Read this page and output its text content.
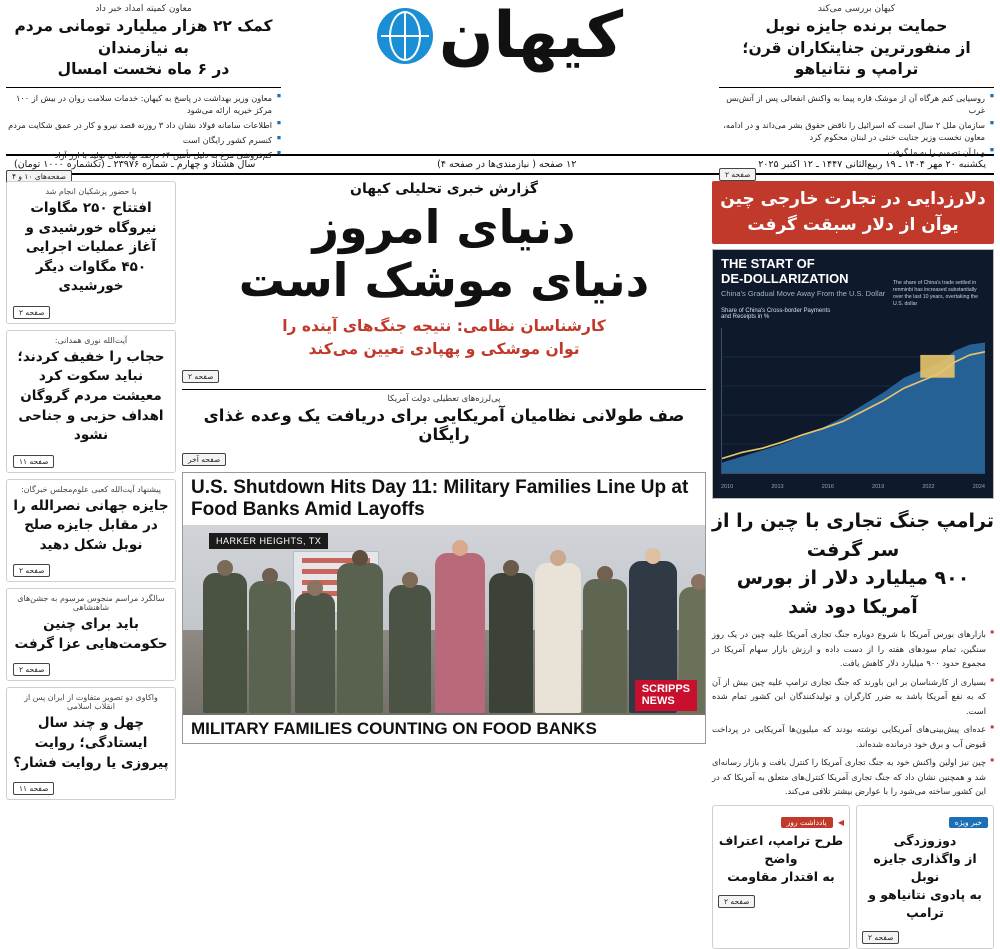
معاون کمیته امداد خبر داد
کمک ۲۲ هزار میلیارد تومانی مردم به نیازمندان
در ۶ ماه نخست امسال
◼ معاون وزیر بهداشت در پاسخ به کیهان: خدمات سلامت روان در بیش از ۱۰۰ مرکز خیریه ارائه می‌شود
◼ اطلاعات سامانه فولاد نشان داد ۳ روزنه قصد نیرو و کار در عمق شکایت مردم
◼ کنسرم کشور رایگان است
◼ کم‌فروشی مرغ به دلیل تأمین ۶۴ درصد نهاده‌های تولید با ارز آزاد
صفحه‌های ۱۰ و ۴
کیهان	کیهان بررسی می‌کند
حمایت برنده جایزه نوبل
از منفورترین جنایتکاران قرن؛ ترامپ و نتانیاهو
◼ روسیایی کنم هرگاه آن از موشک قاره پیما به واکنش انفعالی پس از آتش‌بس غرب
◼ سازمان ملل ۲ سال است که اسرائیل را ناقض حقوق بشر می‌داند و در ادامه، معاون نخست وزیر جنایت خنثی در لبنان محکوم کرد
◼ و با آن تصمیم را به ما گرفت
صفحه ۲
سال هشتاد و چهارم ـ شماره ۲۳۹۷۶ ـ (تکشماره ۱۰۰۰ تومان)	۱۲ صفحه ( نیازمندی‌ها در صفحه ۴)	یکشنبه ۲۰ مهر ۱۴۰۴ ـ ۱۹ ربیع‌الثانی ۱۴۴۷ ـ ۱۲ اکتبر ۲۰۲۵
با حضور پزشکیان انجام شد
افتتاح ۲۵۰ مگاوات نیروگاه خورشیدی و آغاز عملیات اجرایی ۴۵۰ مگاوات دیگر خورشیدی
صفحه ۲
آیت‌الله نوری همدانی:
حجاب را خفیف کردند؛ نباید سکوت کرد معیشت مردم گروگان اهداف حزبی و جناحی نشود
صفحه ۱۱
پیشنهاد آیت‌الله کعبی علوم‌مجلس خبرگان:
جایزه جهانی نصرالله را در مقابل جایزه صلح نوبل شکل دهید
صفحه ۲
سالگرد مراسم منجوس مرسوم به جشن‌های شاهنشاهی
باید برای چنین حکومت‌هایی عزا گرفت
صفحه ۲
واکاوی دو تصویر متفاوت از ایران پس از انقلاب اسلامی
چهل و چند سال ایستادگی؛ روایت پیروزی یا روایت فشار؟
صفحه ۱۱
گزارش خبری تحلیلی کیهان
دنیای امروز
دنیای موشک است
کارشناسان نظامی: نتیجه جنگ‌های آینده را
توان موشکی و پهپادی تعیین می‌کند
صفحه ۲
پی‌لرزه‌های تعطیلی دولت آمریکا
صف طولانی نظامیان آمریکایی برای دریافت یک وعده غذای رایگان
صفحه آخر
U.S. Shutdown Hits Day 11: Military Families Line Up at Food Banks Amid Layoffs
HARKER HEIGHTS, TX
SCRIPPS
NEWS
MILITARY FAMILIES COUNTING ON FOOD BANKS
دلارزدایی در تجارت خارجی چین
یوآن از دلار سبقت گرفت
THE START OF
DE-DOLLARIZATION
China's Gradual Move Away From the U.S. Dollar
The share of China's trade settled in renminbi has increased substantially over the last 10 years, overtaking the U.S. dollar
Share of China's Cross-border Payments and Receipts in %
2010	2013	2016	2019	2022	2024
ترامپ جنگ تجاری با چین را از سر گرفت
۹۰۰ میلیارد دلار از بورس آمریکا دود شد

◼ بازارهای بورس آمریکا با شروع دوباره جنگ تجاری آمریکا علیه چین در یک روز سنگین، تمام سودهای هفته را از دست داده و ارزش بازار سهام آمریکا در مجموع حدود ۹۰۰ میلیارد دلار کاهش یافت.

◼ بسیاری از کارشناسان بر این باورند که جنگ تجاری ترامپ علیه چین بیش از آن که به نفع آمریکا باشد به ضرر کارگران و تولیدکنندگان این کشور تمام شده است.

◼ عده‌ای پیش‌بینی‌های آمریکایی نوشته بودند که میلیون‌ها آمریکایی در پرداخت قبوض آب و برق خود درمانده شده‌اند.

◼ چین نیز اولین واکنش خود به جنگ تجاری آمریکا را کنترل بافت و بازار رسانه‌ای شد و همچنین نشان داد که جنگ تجاری آمریکا کنترل‌های متعلق به آمریکا که در این کشور ساخته می‌شود را با عوارض بیشتر تلافی می‌کند.

◀ یادداشت روز
طرح ترامپ، اعتراف واضح
به اقتدار مقاومت
صفحه ۲
خبر ویژه
دوزوزدگی
از واگذاری جایزه نوبل
به پادوی نتانیاهو و ترامپ
صفحه ۲
